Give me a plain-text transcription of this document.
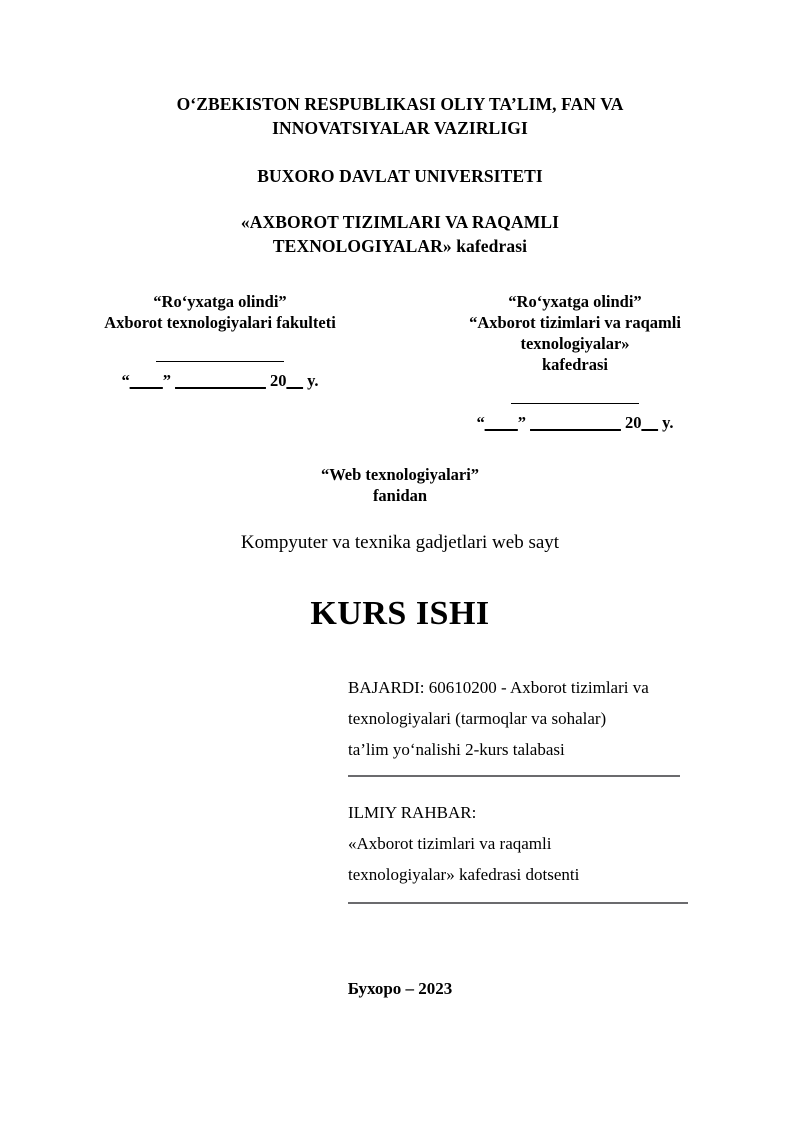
O‘ZBEKISTON RESPUBLIKASI OLIY TA’LIM, FAN VA
INNOVATSIYALAR VAZIRLIGI
BUXORO DAVLAT UNIVERSITETI
«AXBOROT TIZIMLARI VA RAQAMLI
TEXNOLOGIYALAR» kafedrasi
“Ro‘yxatga olindi”
Axborot texnologiyalari fakulteti
“____” ___________ 20__ y.
“Ro‘yxatga olindi”
“Axborot tizimlari va raqamli
texnologiyalar»
kafedrasi
“____” ___________ 20__ y.
“Web texnologiyalari”
fanidan
Kompyuter va texnika gadjetlari web sayt
KURS ISHI
BAJARDI: 60610200 - Axborot tizimlari va
texnologiyalari (tarmoqlar va sohalar)
ta’lim yo‘nalishi 2-kurs talabasi
ILMIY RAHBAR:
«Axborot tizimlari va raqamli
texnologiyalar» kafedrasi dotsenti
Бухоро – 2023
